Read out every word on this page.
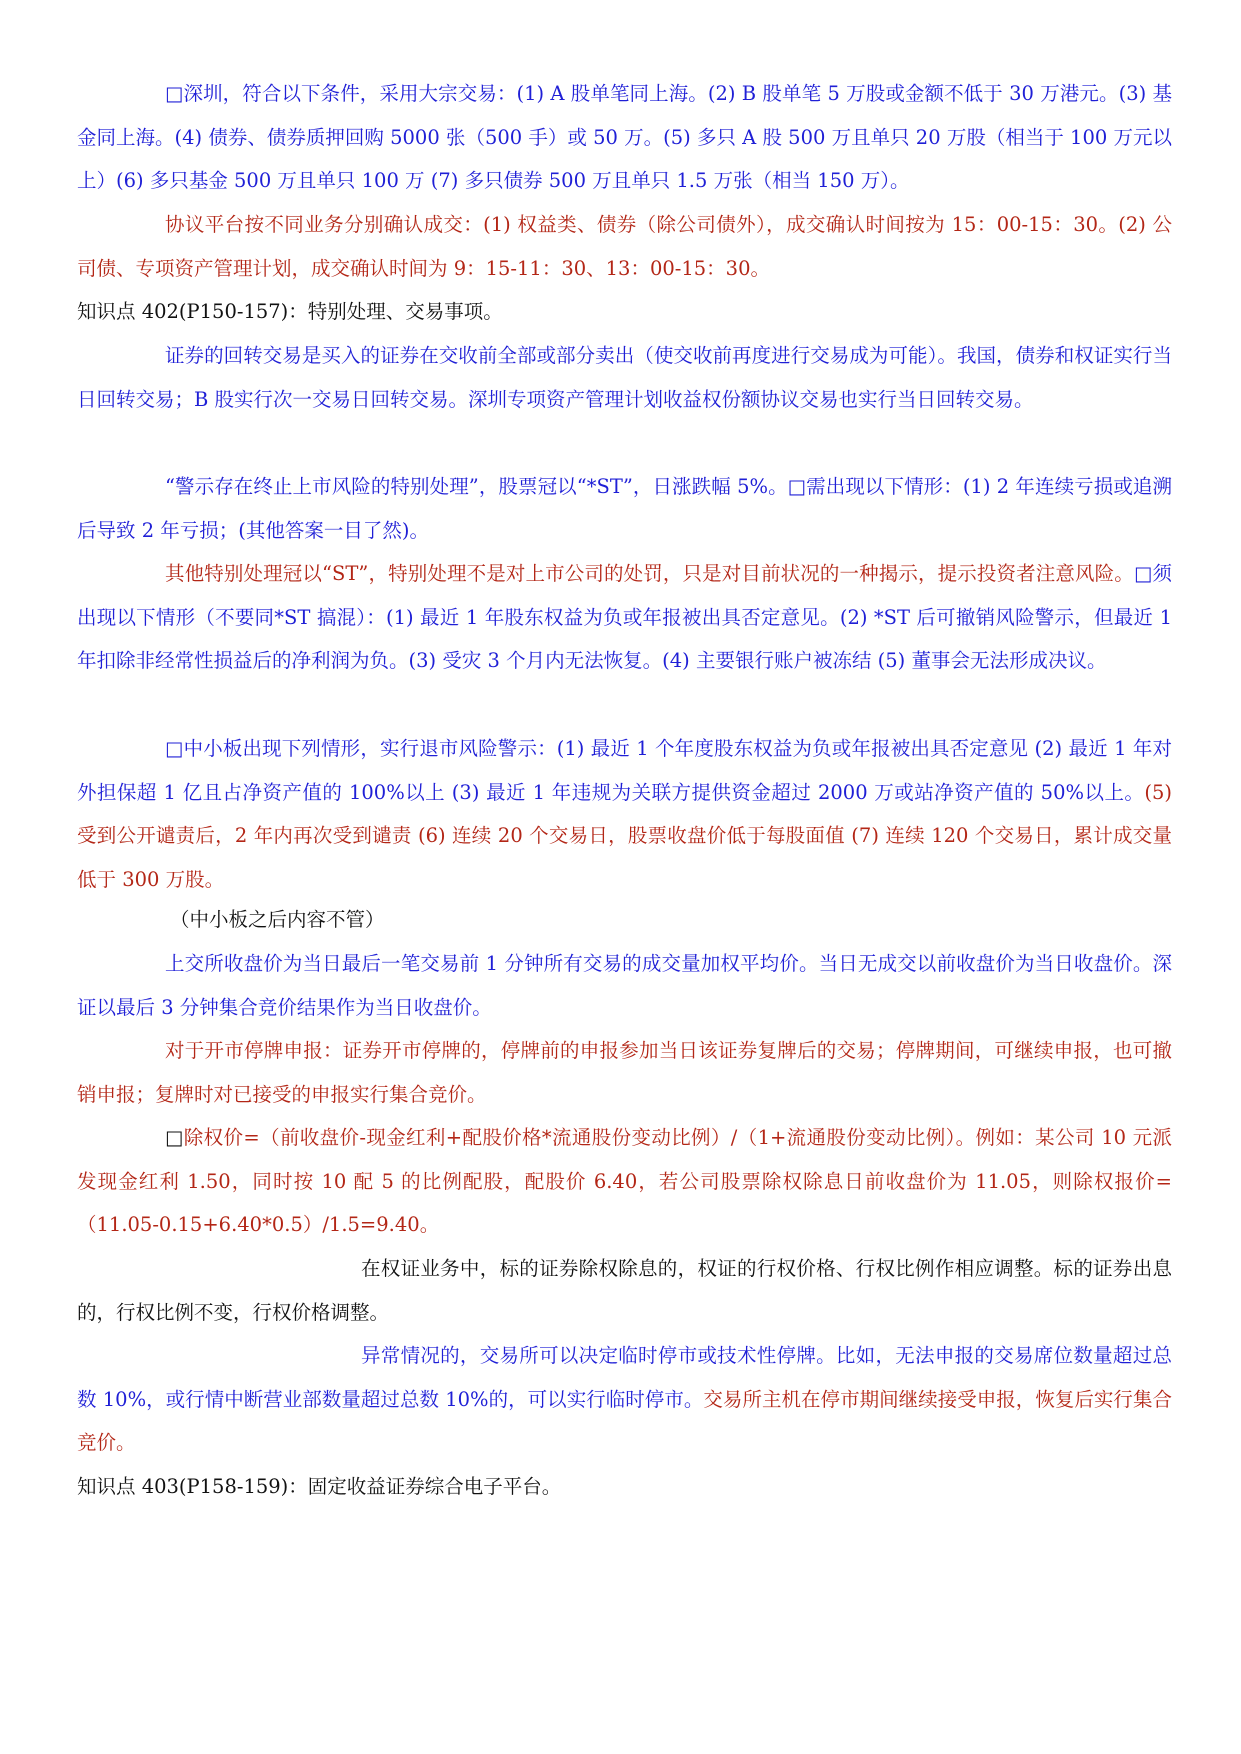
□深圳，符合以下条件，采用大宗交易：(1) A 股单笔同上海。(2) B 股单笔 5 万股或金额不低于 30 万港元。(3) 基金同上海。(4) 债券、债券质押回购 5000 张（500 手）或 50 万。(5) 多只 A 股 500 万且单只 20 万股（相当于 100 万元以上）(6) 多只基金 500 万且单只 100 万 (7) 多只债券 500 万且单只 1.5 万张（相当 150 万）。

协议平台按不同业务分别确认成交：(1) 权益类、债券（除公司债外），成交确认时间按为 15：00-15：30。(2) 公司债、专项资产管理计划，成交确认时间为 9：15-11：30、13：00-15：30。

知识点 402(P150-157)：特别处理、交易事项。

证券的回转交易是买入的证券在交收前全部或部分卖出（使交收前再度进行交易成为可能）。我国，债券和权证实行当日回转交易；B 股实行次一交易日回转交易。深圳专项资产管理计划收益权份额协议交易也实行当日回转交易。

“警示存在终止上市风险的特别处理”，股票冠以“*ST”，日涨跌幅 5%。□需出现以下情形：(1) 2 年连续亏损或追溯后导致 2 年亏损；(其他答案一目了然)。

其他特别处理冠以“ST”，特别处理不是对上市公司的处罚，只是对目前状况的一种揭示，提示投资者注意风险。□须出现以下情形（不要同*ST 搞混）：(1) 最近 1 年股东权益为负或年报被出具否定意见。(2) *ST 后可撤销风险警示，但最近 1 年扣除非经常性损益后的净利润为负。(3) 受灾 3 个月内无法恢复。(4) 主要银行账户被冻结 (5) 董事会无法形成决议。

□中小板出现下列情形，实行退市风险警示：(1) 最近 1 个年度股东权益为负或年报被出具否定意见 (2) 最近 1 年对外担保超 1 亿且占净资产值的 100%以上 (3) 最近 1 年违规为关联方提供资金超过 2000 万或站净资产值的 50%以上。(5) 受到公开谴责后，2 年内再次受到谴责 (6) 连续 20 个交易日，股票收盘价低于每股面值 (7) 连续 120 个交易日，累计成交量低于 300 万股。

（中小板之后内容不管）

上交所收盘价为当日最后一笔交易前 1 分钟所有交易的成交量加权平均价。当日无成交以前收盘价为当日收盘价。深证以最后 3 分钟集合竞价结果作为当日收盘价。

对于开市停牌申报：证券开市停牌的，停牌前的申报参加当日该证券复牌后的交易；停牌期间，可继续申报，也可撤销申报；复牌时对已接受的申报实行集合竞价。

□除权价=（前收盘价-现金红利+配股价格*流通股份变动比例）/（1+流通股份变动比例）。例如：某公司 10 元派发现金红利 1.50，同时按 10 配 5 的比例配股，配股价 6.40，若公司股票除权除息日前收盘价为 11.05，则除权报价=（11.05-0.15+6.40*0.5）/1.5=9.40。

在权证业务中，标的证券除权除息的，权证的行权价格、行权比例作相应调整。标的证券出息的，行权比例不变，行权价格调整。

异常情况的，交易所可以决定临时停市或技术性停牌。比如，无法申报的交易席位数量超过总数 10%，或行情中断营业部数量超过总数 10%的，可以实行临时停市。交易所主机在停市期间继续接受申报，恢复后实行集合竞价。

知识点 403(P158-159)：固定收益证券综合电子平台。
